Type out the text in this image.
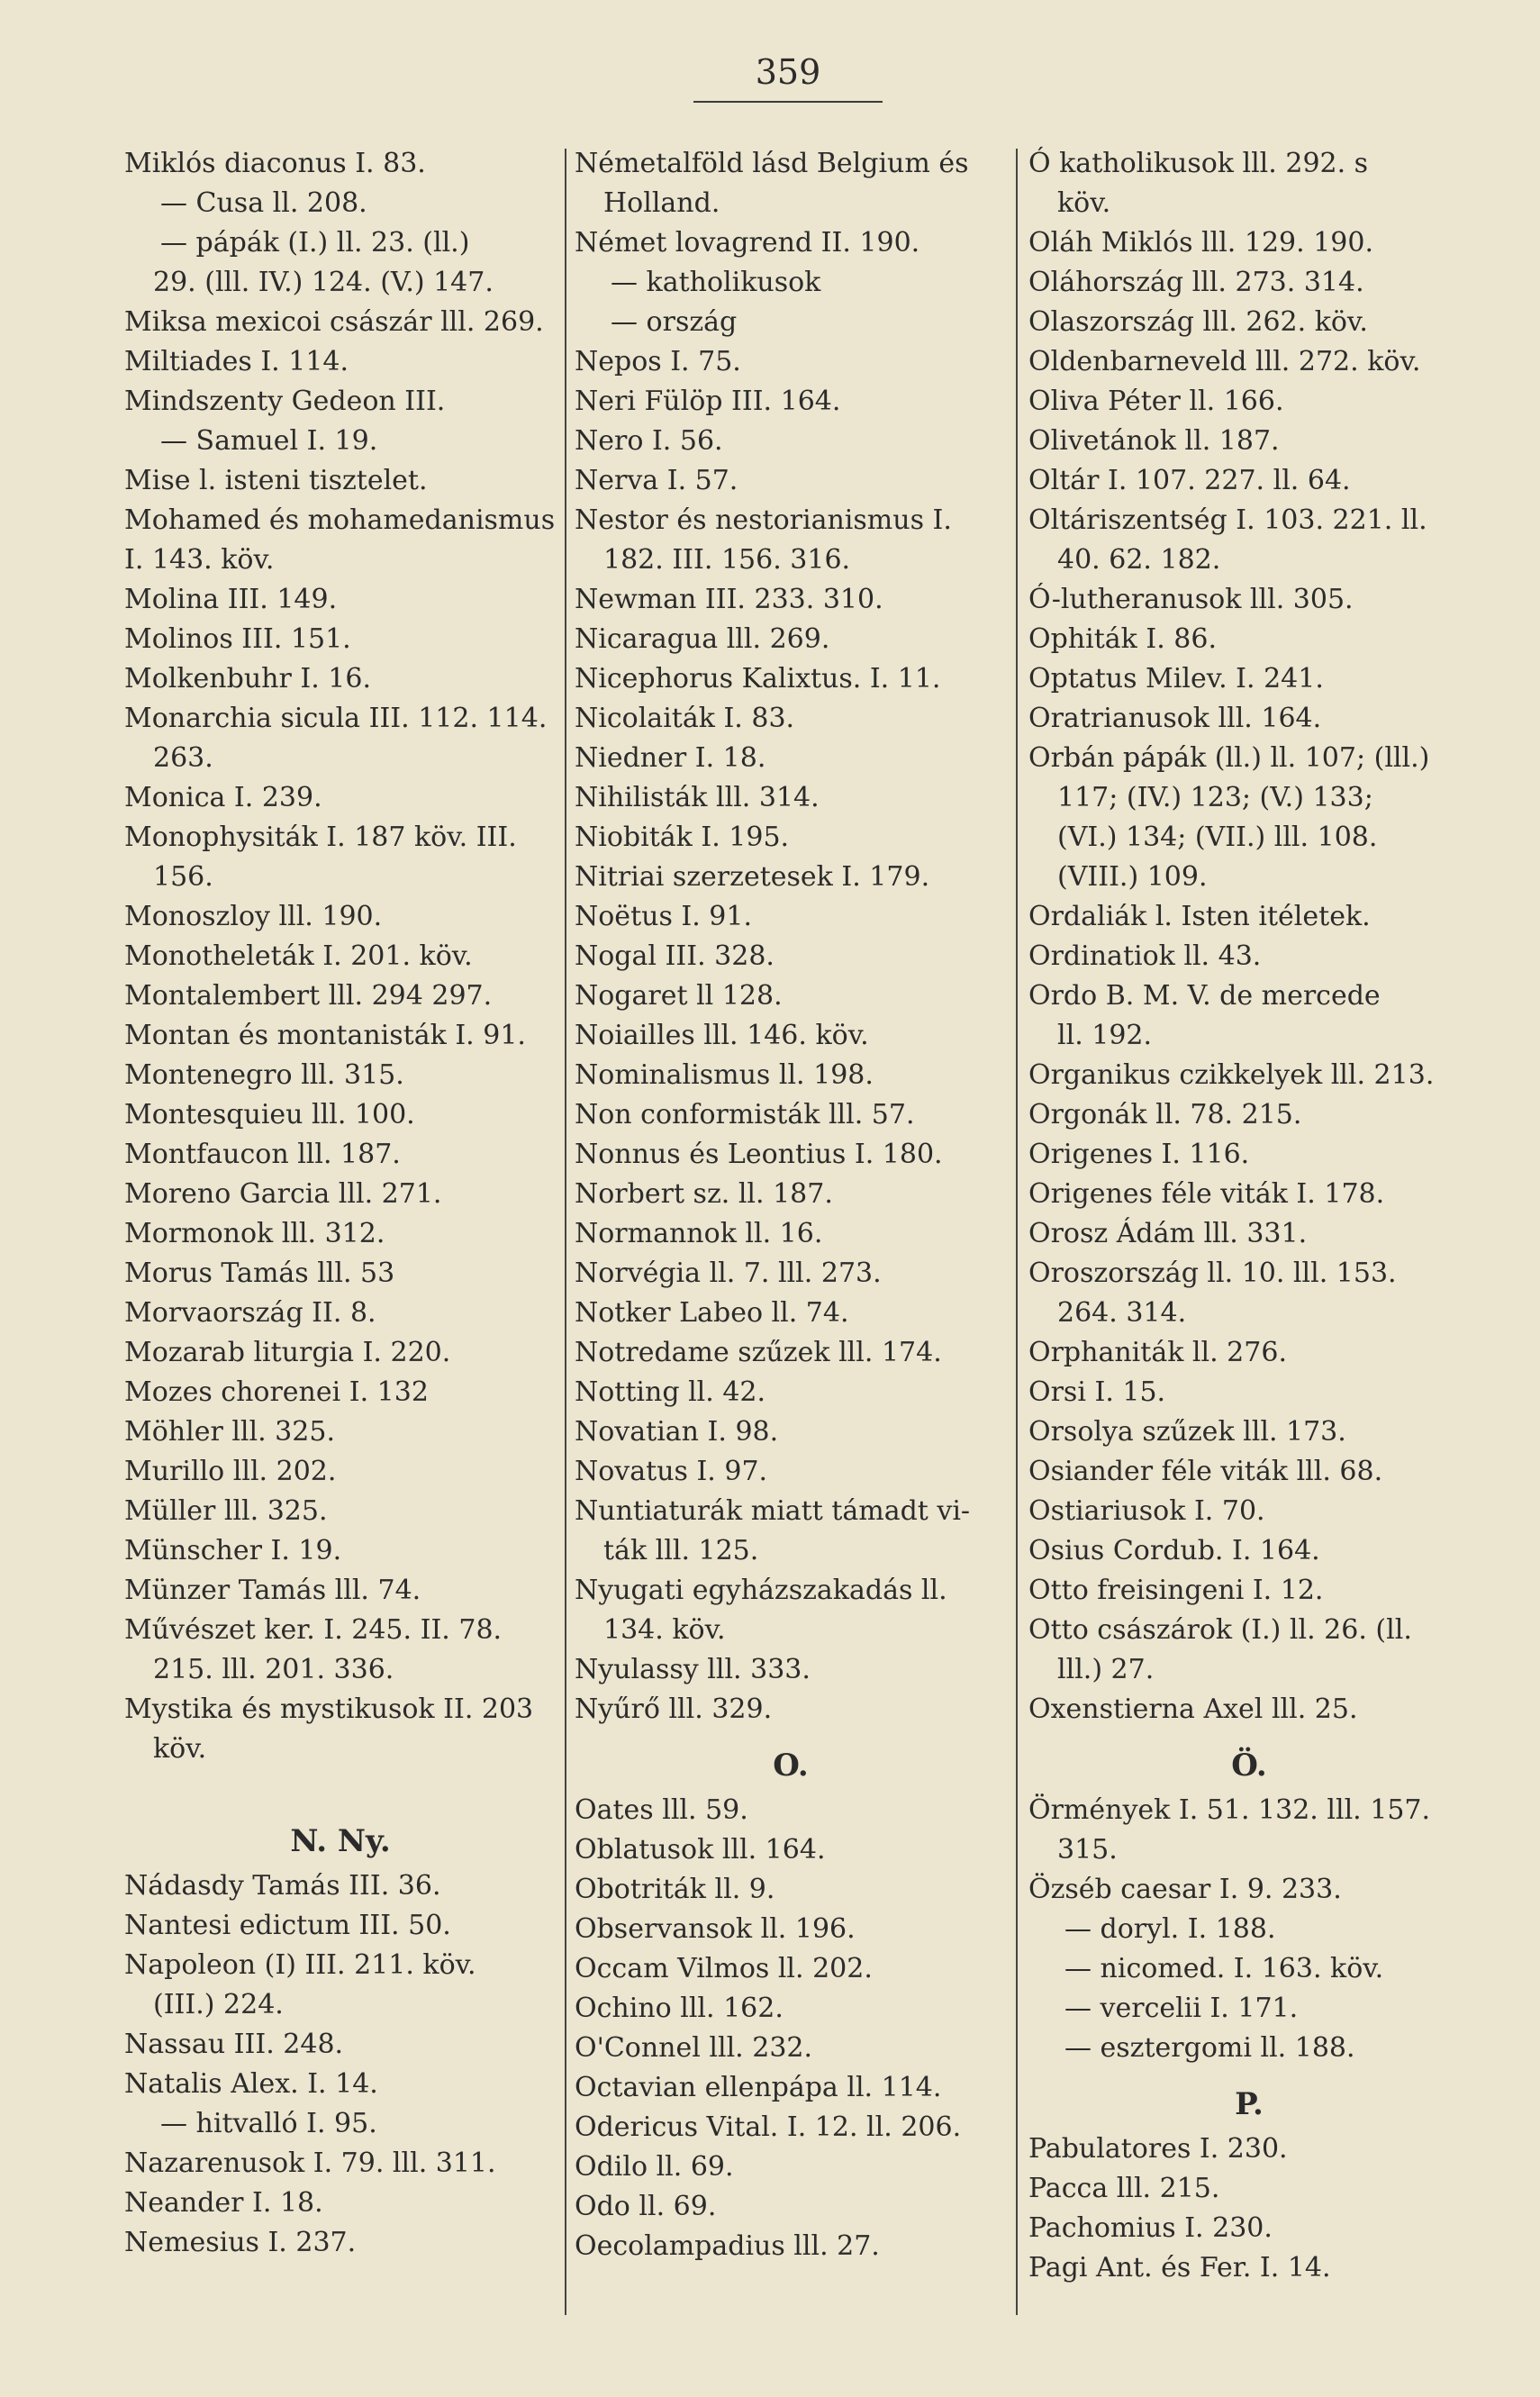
359
Miklós diaconus I. 83.
— Cusa ll. 208.
— pápák (I.) ll. 23. (ll.)
29. (lll. IV.) 124. (V.) 147.
Miksa mexicoi császár lll. 269.
Miltiades I. 114.
Mindszenty Gedeon III.
— Samuel I. 19.
Mise l. isteni tisztelet.
Mohamed és mohamedanismus
I. 143. köv.
Molina III. 149.
Molinos III. 151.
Molkenbuhr I. 16.
Monarchia sicula III. 112. 114.
263.
Monica I. 239.
Monophysiták I. 187 köv. III.
156.
Monoszloy lll. 190.
Monotheleták I. 201. köv.
Montalembert lll. 294 297.
Montan és montanisták I. 91.
Montenegro lll. 315.
Montesquieu lll. 100.
Montfaucon lll. 187.
Moreno Garcia lll. 271.
Mormonok lll. 312.
Morus Tamás lll. 53
Morvaország II. 8.
Mozarab liturgia I. 220.
Mozes chorenei I. 132
Möhler lll. 325.
Murillo lll. 202.
Müller lll. 325.
Münscher I. 19.
Münzer Tamás lll. 74.
Művészet ker. I. 245. II. 78.
215. lll. 201. 336.
Mystika és mystikusok II. 203
köv.
N. Ny.
Nádasdy Tamás III. 36.
Nantesi edictum III. 50.
Napoleon (I) III. 211. köv.
(III.) 224.
Nassau III. 248.
Natalis Alex. I. 14.
— hitvalló I. 95.
Nazarenusok I. 79. lll. 311.
Neander I. 18.
Nemesius I. 237.
Németalföld lásd Belgium és
Holland.
Német lovagrend II. 190.
— katholikusok
— ország
Nepos I. 75.
Neri Fülöp III. 164.
Nero I. 56.
Nerva I. 57.
Nestor és nestorianismus I.
182. III. 156. 316.
Newman III. 233. 310.
Nicaragua lll. 269.
Nicephorus Kalixtus. I. 11.
Nicolaiták I. 83.
Niedner I. 18.
Nihilisták lll. 314.
Niobiták I. 195.
Nitriai szerzetesek I. 179.
Noëtus I. 91.
Nogal III. 328.
Nogaret ll 128.
Noiailles lll. 146. köv.
Nominalismus ll. 198.
Non conformisták lll. 57.
Nonnus és Leontius I. 180.
Norbert sz. ll. 187.
Normannok ll. 16.
Norvégia ll. 7. lll. 273.
Notker Labeo ll. 74.
Notredame szűzek lll. 174.
Notting ll. 42.
Novatian I. 98.
Novatus I. 97.
Nuntiaturák miatt támadt vi-
ták lll. 125.
Nyugati egyházszakadás ll.
134. köv.
Nyulassy lll. 333.
Nyűrő lll. 329.
O.
Oates lll. 59.
Oblatusok lll. 164.
Obotriták ll. 9.
Observansok ll. 196.
Occam Vilmos ll. 202.
Ochino lll. 162.
O'Connel lll. 232.
Octavian ellenpápa ll. 114.
Odericus Vital. I. 12. ll. 206.
Odilo ll. 69.
Odo ll. 69.
Oecolampadius lll. 27.
Ó katholikusok lll. 292. s
köv.
Oláh Miklós lll. 129. 190.
Oláhország lll. 273. 314.
Olaszország lll. 262. köv.
Oldenbarneveld lll. 272. köv.
Oliva Péter ll. 166.
Olivetánok ll. 187.
Oltár I. 107. 227. ll. 64.
Oltáriszentség I. 103. 221. ll.
40. 62. 182.
Ó-lutheranusok lll. 305.
Ophiták I. 86.
Optatus Milev. I. 241.
Oratrianusok lll. 164.
Orbán pápák (ll.) ll. 107; (lll.)
117; (IV.) 123; (V.) 133;
(VI.) 134; (VII.) lll. 108.
(VIII.) 109.
Ordaliák l. Isten itéletek.
Ordinatiok ll. 43.
Ordo B. M. V. de mercede
ll. 192.
Organikus czikkelyek lll. 213.
Orgonák ll. 78. 215.
Origenes I. 116.
Origenes féle viták I. 178.
Orosz Ádám lll. 331.
Oroszország ll. 10. lll. 153.
264. 314.
Orphaniták ll. 276.
Orsi I. 15.
Orsolya szűzek lll. 173.
Osiander féle viták lll. 68.
Ostiariusok I. 70.
Osius Cordub. I. 164.
Otto freisingeni I. 12.
Otto császárok (I.) ll. 26. (ll.
lll.) 27.
Oxenstierna Axel lll. 25.
Ö.
Örmények I. 51. 132. lll. 157.
315.
Özséb caesar I. 9. 233.
— doryl. I. 188.
— nicomed. I. 163. köv.
— vercelii I. 171.
— esztergomi ll. 188.
P.
Pabulatores I. 230.
Pacca lll. 215.
Pachomius I. 230.
Pagi Ant. és Fer. I. 14.
